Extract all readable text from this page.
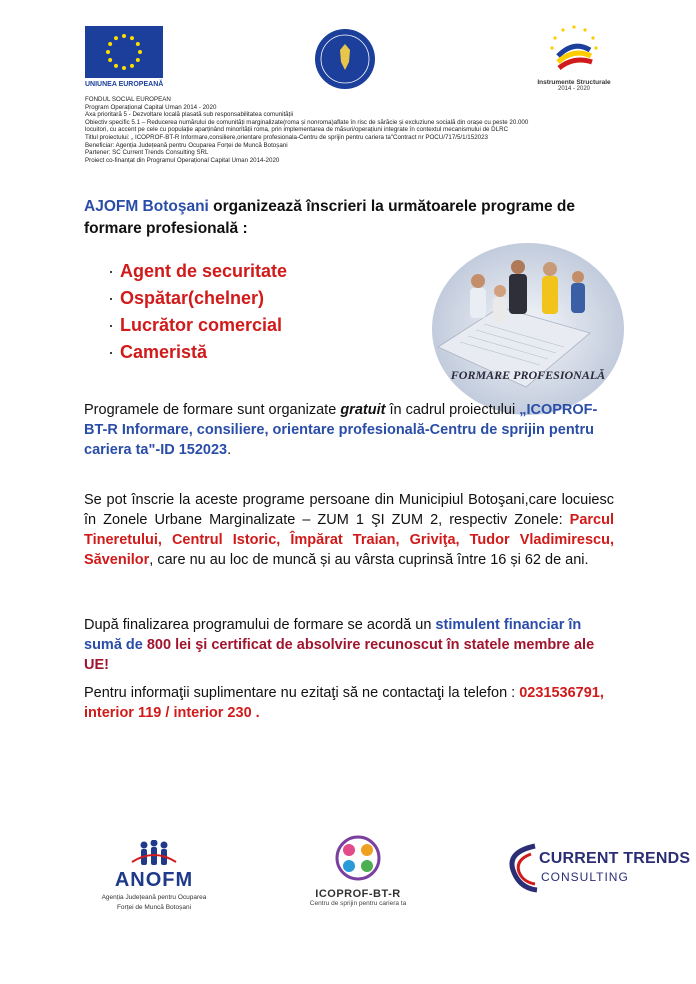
UNIUNEA EUROPEANĂ	Instrumente Structurale
2014 - 2020
FONDUL SOCIAL EUROPEAN
Program Operațional Capital Uman 2014 - 2020
Axa prioritară 5 - Dezvoltare locală plasată sub responsabilitatea comunității
Obiectiv specific 5.1 – Reducerea numărului de comunități marginalizate(roma și nonroma)aflate în risc de sărăcie și excluziune socială din orașe cu peste 20.000
locuitori, cu accent pe cele cu populație aparținând minorității roma, prin implementarea de măsuri/operațiuni integrate în contextul mecanismului de DLRC
Titlul proiectului: „ ICOPROF-BT-R Informare,consiliere,orientare profesionala-Centru de sprijin pentru cariera ta"Contract nr POCU/717/5/1/152023
Beneficiar: Agenția Județeană pentru Ocuparea Forței de Muncă Botoșani
Partener: SC Current Trends Consulting SRL
Proiect co-finanțat din Programul Operațional Capital Uman 2014-2020
AJOFM Botoşani organizează înscrieri la următoarele programe de formare profesională :
· Agent de securitate
· Ospătar(chelner)
· Lucrător comercial
· Cameristă
FORMARE PROFESIONALĂ
Programele de formare sunt organizate gratuit în cadrul proiectului „ICOPROF-BT-R Informare, consiliere, orientare profesională-Centru de sprijin pentru cariera ta"-ID 152023.
Se pot înscrie la aceste programe persoane din Municipiul Botoşani,care locuiesc în Zonele Urbane Marginalizate – ZUM 1 ŞI ZUM 2, respectiv Zonele: Parcul Tineretului, Centrul Istoric, Împărat Traian, Griviţa, Tudor Vladimirescu, Săvenilor, care nu au loc de muncă și au vârsta cuprinsă între 16 și 62 de ani.
După finalizarea programului de formare se acordă un stimulent financiar în sumă de 800 lei şi certificat de absolvire recunoscut în statele membre ale UE!
Pentru informaţii suplimentare nu ezitaţi să ne contactaţi la telefon : 0231536791, interior 119 / interior 230 .
ANOFM
Agenția Județeană pentru Ocuparea
Forței de Muncă Botoșani
ICOPROF-BT-R
Centru de sprijin pentru cariera ta
CURRENT TRENDS
CONSULTING
